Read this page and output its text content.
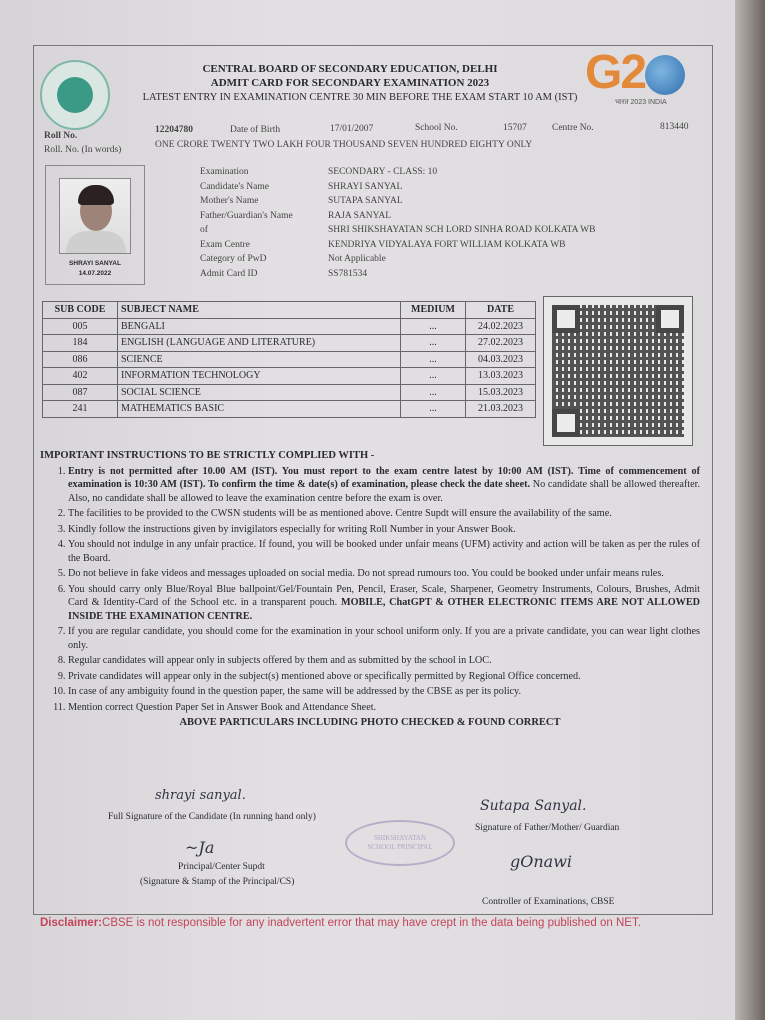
G2
भारत 2023 INDIA
CENTRAL BOARD OF SECONDARY EDUCATION, DELHI
ADMIT CARD FOR SECONDARY EXAMINATION 2023
LATEST ENTRY IN EXAMINATION CENTRE 30 MIN BEFORE THE EXAM START 10 AM (IST)
Roll No.
12204780	Date of Birth	17/01/2007	School No.	15707	Centre No.	813440
Roll. No. (In words)	ONE CRORE TWENTY TWO LAKH FOUR THOUSAND SEVEN HUNDRED EIGHTY ONLY
SHRAYI SANYAL
14.07.2022
Examination	SECONDARY - CLASS: 10
Candidate's Name	SHRAYI SANYAL
Mother's Name	SUTAPA SANYAL
Father/Guardian's Name	RAJA SANYAL
of	SHRI SHIKSHAYATAN SCH LORD SINHA ROAD KOLKATA WB
Exam Centre	KENDRIYA VIDYALAYA FORT WILLIAM KOLKATA WB
Category of PwD	Not Applicable
Admit Card ID	SS781534
SUB CODE	SUBJECT NAME	MEDIUM	DATE
005	BENGALI	...	24.02.2023
184	ENGLISH (LANGUAGE AND LITERATURE)	...	27.02.2023
086	SCIENCE	...	04.03.2023
402	INFORMATION TECHNOLOGY	...	13.03.2023
087	SOCIAL SCIENCE	...	15.03.2023
241	MATHEMATICS BASIC	...	21.03.2023
IMPORTANT INSTRUCTIONS TO BE STRICTLY COMPLIED WITH -
1. Entry is not permitted after 10.00 AM (IST). You must report to the exam centre latest by 10:00 AM (IST). Time of commencement of examination is 10:30 AM (IST). To confirm the time & date(s) of examination, please check the date sheet. No candidate shall be allowed thereafter. Also, no candidate shall be allowed to leave the examination centre before the exam is over.
2. The facilities to be provided to the CWSN students will be as mentioned above. Centre Supdt will ensure the availability of the same.
3. Kindly follow the instructions given by invigilators especially for writing Roll Number in your Answer Book.
4. You should not indulge in any unfair practice. If found, you will be booked under unfair means (UFM) activity and action will be taken as per the rules of the Board.
5. Do not believe in fake videos and messages uploaded on social media. Do not spread rumours too. You could be booked under unfair means rules.
6. You should carry only Blue/Royal Blue ballpoint/Gel/Fountain Pen, Pencil, Eraser, Scale, Sharpener, Geometry Instruments, Colours, Brushes, Admit Card & Identity-Card of the School etc. in a transparent pouch. MOBILE, ChatGPT & OTHER ELECTRONIC ITEMS ARE NOT ALLOWED INSIDE THE EXAMINATION CENTRE.
7. If you are regular candidate, you should come for the examination in your school uniform only. If you are a private candidate, you can wear light clothes only.
8. Regular candidates will appear only in subjects offered by them and as submitted by the school in LOC.
9. Private candidates will appear only in the subject(s) mentioned above or specifically permitted by Regional Office concerned.
10. In case of any ambiguity found in the question paper, the same will be addressed by the CBSE as per its policy.
11. Mention correct Question Paper Set in Answer Book and Attendance Sheet.
ABOVE PARTICULARS INCLUDING PHOTO CHECKED & FOUND CORRECT
shrayi sanyal.
Full Signature of the Candidate (In running hand only)
Sutapa Sanyal.
Signature of Father/Mother/ Guardian
SHIKSHAYATAN SCHOOL PRINCIPAL
~Ja
Principal/Center Supdt
(Signature & Stamp of the Principal/CS)
gOnawi
Controller of Examinations, CBSE
Disclaimer:CBSE is not responsible for any inadvertent error that may have crept in the data being published on NET.
